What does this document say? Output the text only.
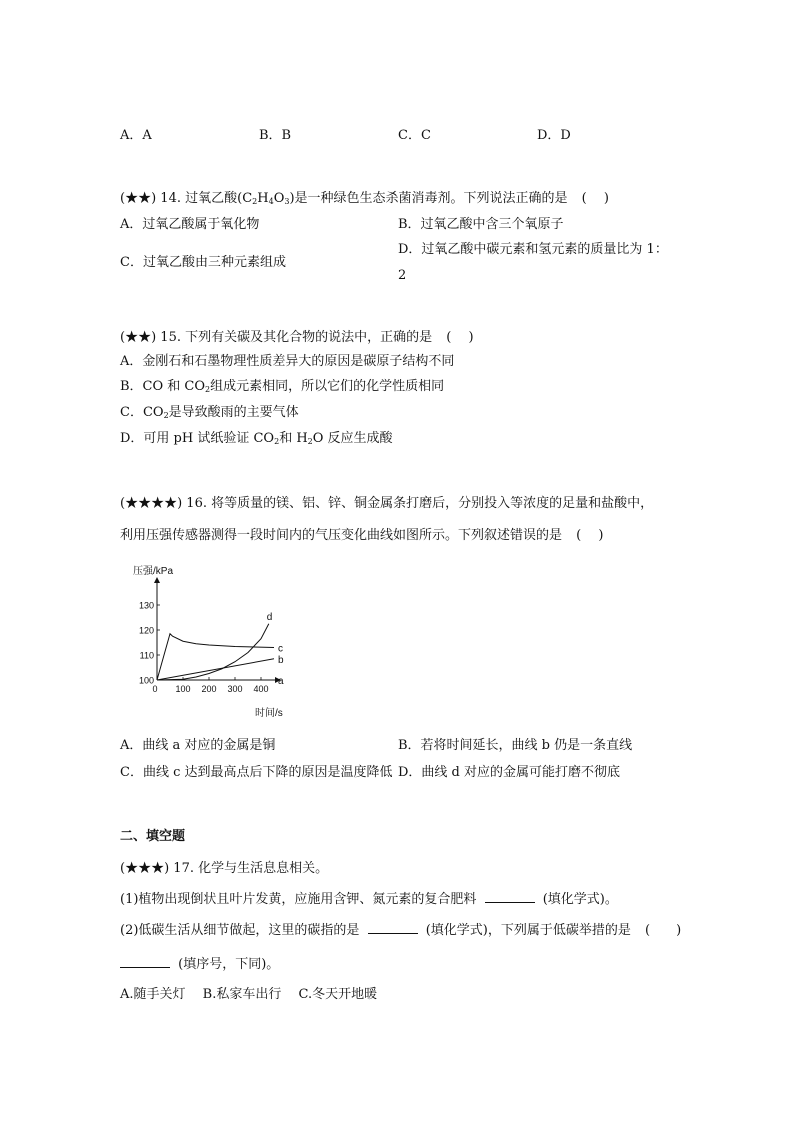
A．A	B．B	C．C	D．D
(★★) 14. 过氧乙酸$(C_2H_4O_3)$是一种绿色生态杀菌消毒剂。下列说法正确的是 (　 )
A．过氧乙酸属于氧化物	B．过氧乙酸中含三个氧原子
C．过氧乙酸由三种元素组成
D．过氧乙酸中碳元素和氢元素的质量比为 1：
2
(★★) 15. 下列有关碳及其化合物的说法中，正确的是 (　 )
A．金刚石和石墨物理性质差异大的原因是碳原子结构不同
B．CO 和 $CO_2$组成元素相同，所以它们的化学性质相同
C．$CO_2$是导致酸雨的主要气体
D．可用 pH 试纸验证 $CO_2$和 $H_2O$ 反应生成酸
(★★★★) 16. 将等质量的镁、铝、锌、铜金属条打磨后，分别投入等浓度的足量和盐酸中，
利用压强传感器测得一段时间内的气压变化曲线如图所示。下列叙述错误的是 (　 )
100
110
120
130
0 100 200 300 400
压强/kPa
时间/s
a
b
c
d
A．曲线 a 对应的金属是铜	B．若将时间延长，曲线 b 仍是一条直线
C．曲线 c 达到最高点后下降的原因是温度降低 D．曲线 d 对应的金属可能打磨不彻底
二、填空题
(★★★) 17. 化学与生活息息相关。
(1)植物出现倒状且叶片发黄，应施用含钾、氮元素的复合肥料	(填化学式)。
(2)低碳生活从细节做起，这里的碳指的是	(填化学式)，下列属于低碳举措的是 (　　)
(填序号，下同)。
A.随手关灯　 B.私家车出行　 C.冬天开地暖
